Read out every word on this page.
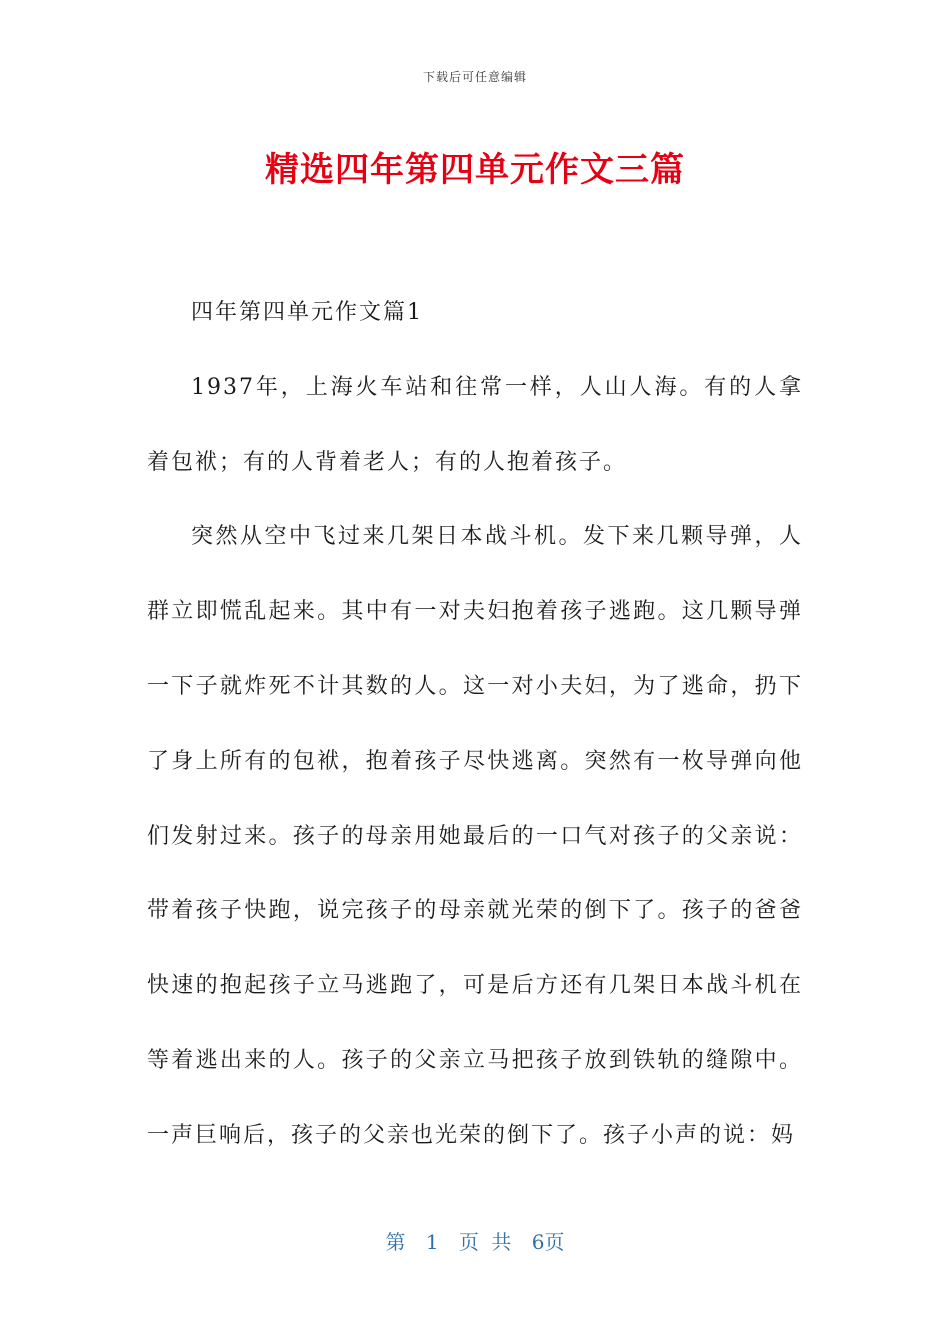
下载后可任意编辑
精选四年第四单元作文三篇

四年第四单元作文篇1

1937年，上海火车站和往常一样，人山人海。有的人拿着包袱；有的人背着老人；有的人抱着孩子。

突然从空中飞过来几架日本战斗机。发下来几颗导弹，人群立即慌乱起来。其中有一对夫妇抱着孩子逃跑。这几颗导弹一下子就炸死不计其数的人。这一对小夫妇，为了逃命，扔下了身上所有的包袱，抱着孩子尽快逃离。突然有一枚导弹向他们发射过来。孩子的母亲用她最后的一口气对孩子的父亲说：带着孩子快跑，说完孩子的母亲就光荣的倒下了。孩子的爸爸快速的抱起孩子立马逃跑了，可是后方还有几架日本战斗机在等着逃出来的人。孩子的父亲立马把孩子放到铁轨的缝隙中。一声巨响后，孩子的父亲也光荣的倒下了。孩子小声的说：妈

第 1 页 共 6页
